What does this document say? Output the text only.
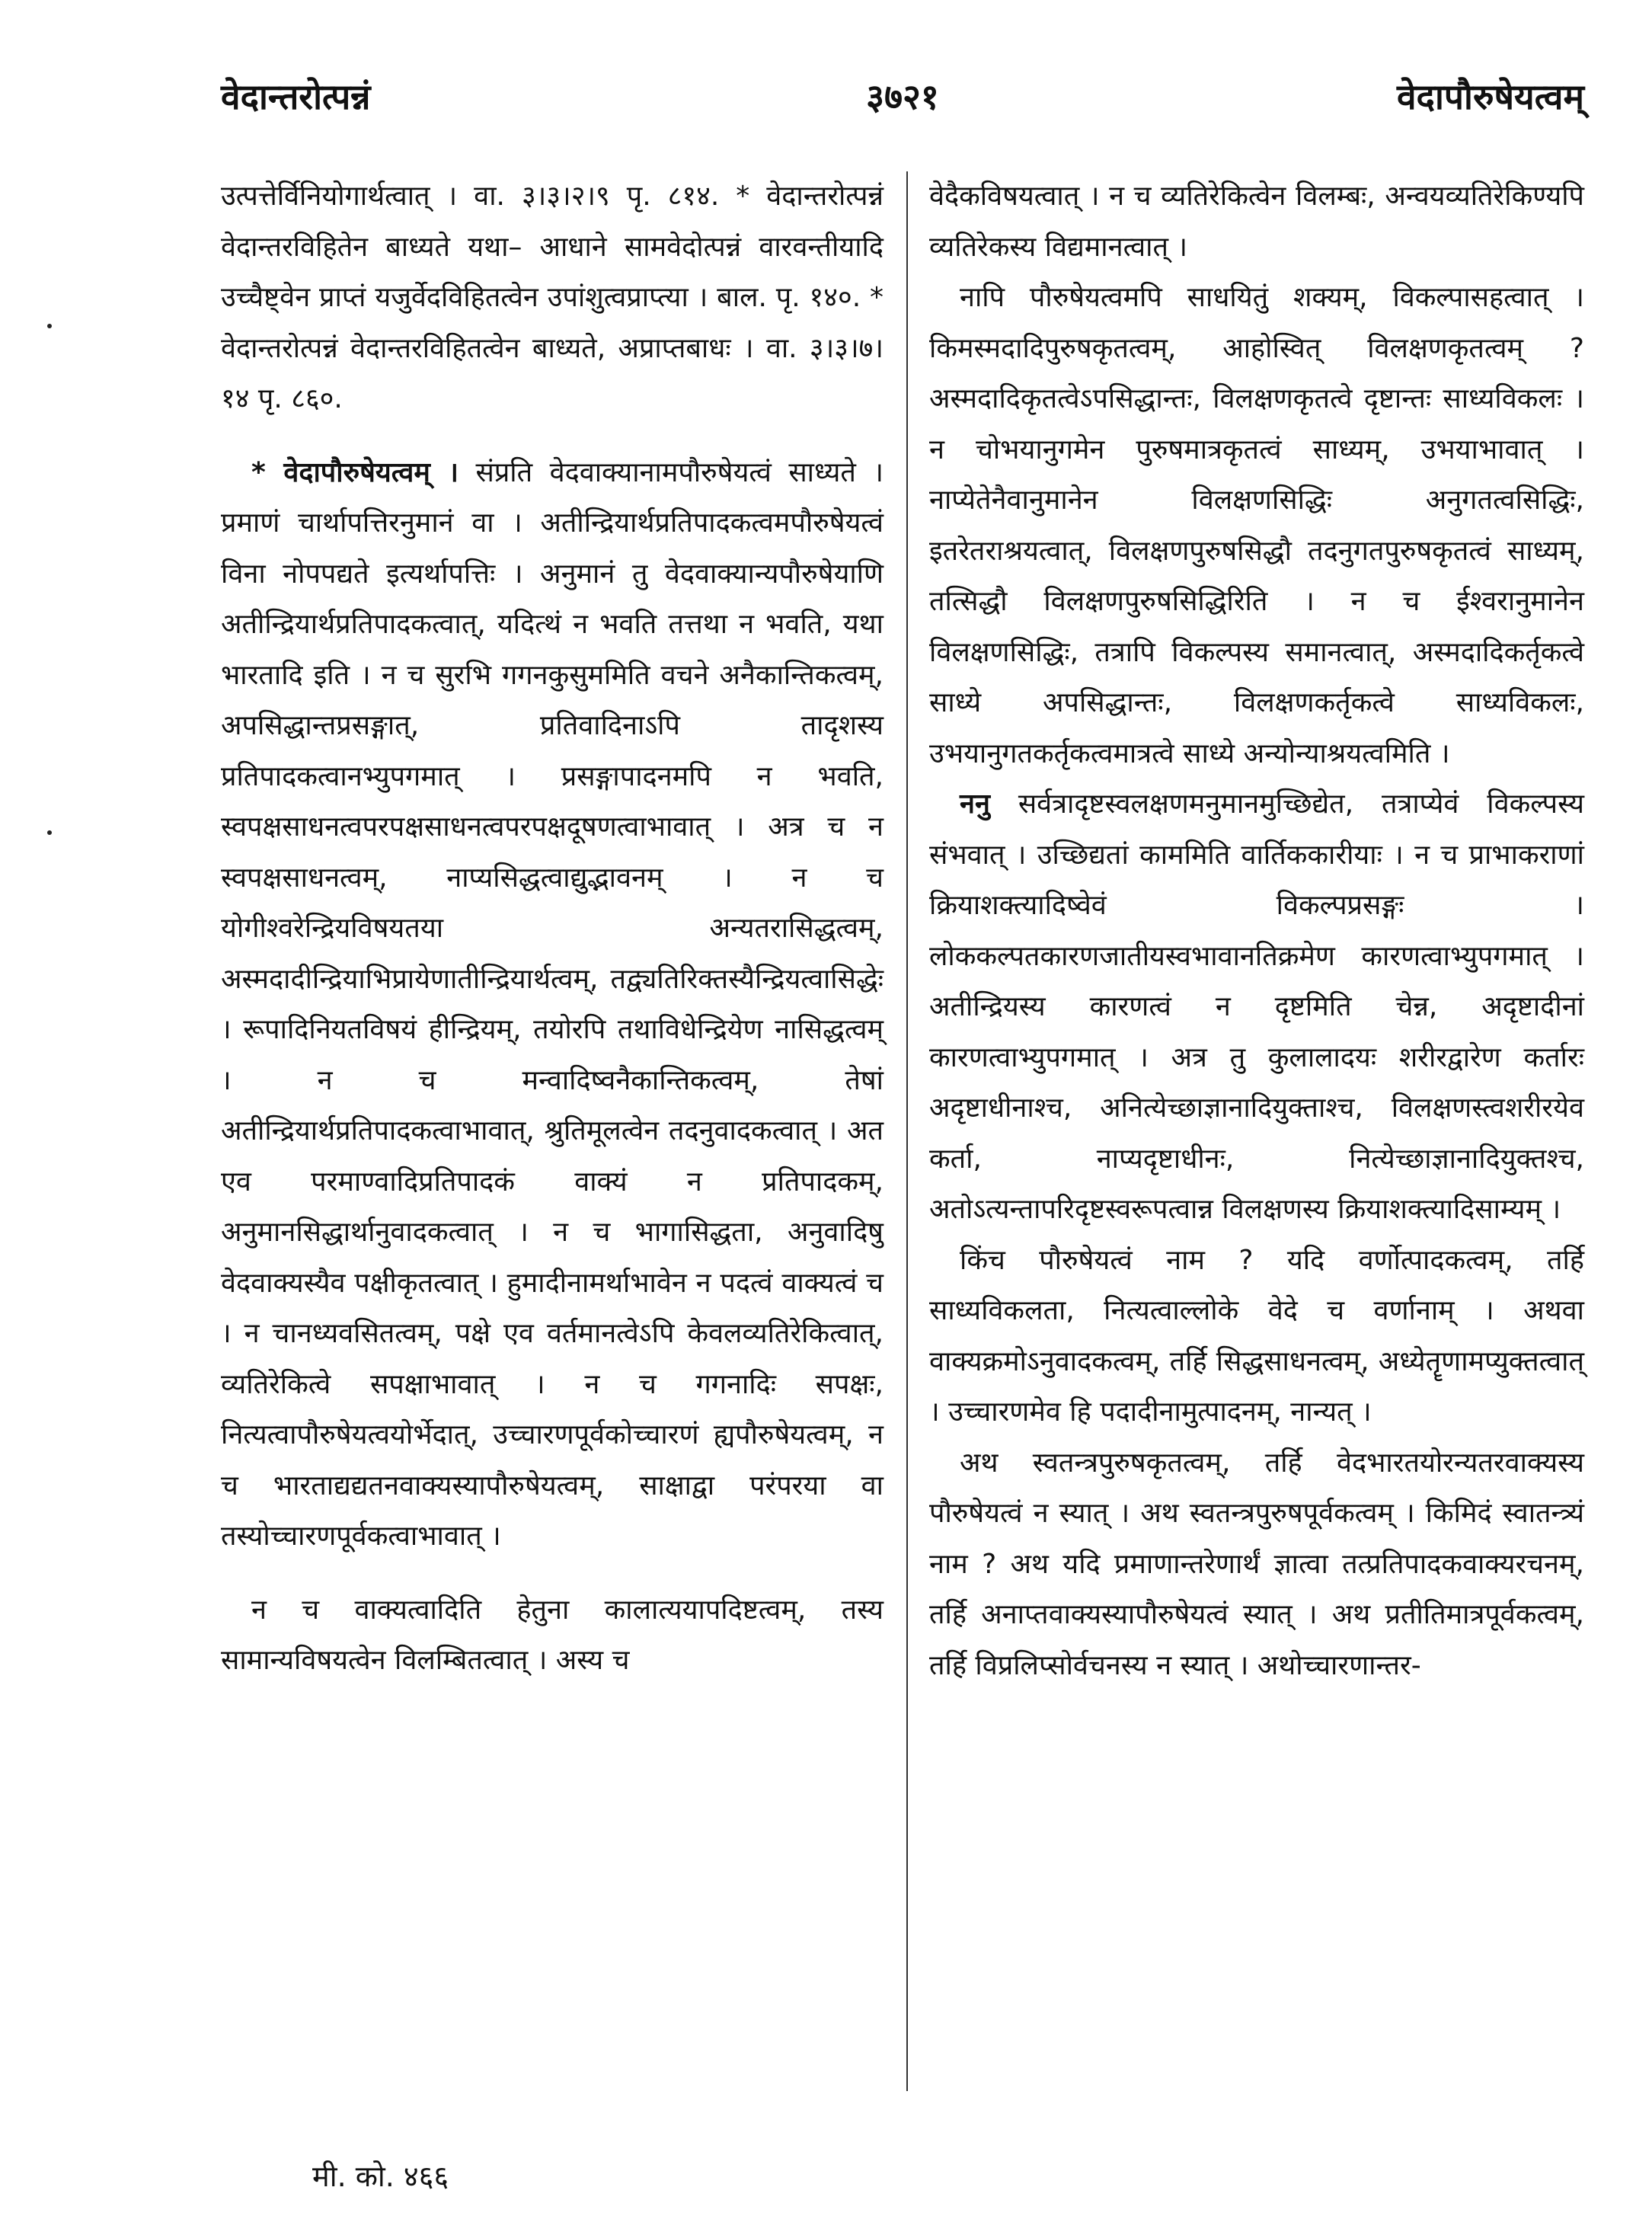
वेदान्तरोत्पन्नं	३७२१	वेदापौरुषेयत्वम्

उत्पत्तेर्विनियोगार्थत्वात् । वा. ३।३।२।९ पृ. ८१४. * वेदान्तरोत्पन्नं वेदान्तरविहितेन बाध्यते यथा– आधाने सामवेदोत्पन्नं वारवन्तीयादि उच्चैष्ट्वेन प्राप्तं यजुर्वेदविहितत्वेन उपांशुत्वप्राप्त्या । बाल. पृ. १४०. * वेदान्तरोत्पन्नं वेदान्तरविहितत्वेन बाध्यते, अप्राप्तबाधः । वा. ३।३।७।१४ पृ. ८६०.

* वेदापौरुषेयत्वम् । संप्रति वेदवाक्यानामपौरुषेयत्वं साध्यते । प्रमाणं चार्थापत्तिरनुमानं वा । अतीन्द्रियार्थप्रतिपादकत्वमपौरुषेयत्वं विना नोपपद्यते इत्यर्थापत्तिः । अनुमानं तु वेदवाक्यान्यपौरुषेयाणि अतीन्द्रियार्थप्रतिपादकत्वात्, यदित्थं न भवति तत्तथा न भवति, यथा भारतादि इति । न च सुरभि गगनकुसुममिति वचने अनैकान्तिकत्वम्, अपसिद्धान्तप्रसङ्गात्, प्रतिवादिनाऽपि तादृशस्य प्रतिपादकत्वानभ्युपगमात् । प्रसङ्गापादनमपि न भवति, स्वपक्षसाधनत्वपरपक्षसाधनत्वपरपक्षदूषणत्वाभावात् । अत्र च न स्वपक्षसाधनत्वम्, नाप्यसिद्धत्वाद्युद्भावनम् । न च योगीश्वरेन्द्रियविषयतया अन्यतरासिद्धत्वम्, अस्मदादीन्द्रियाभिप्रायेणातीन्द्रियार्थत्वम्, तद्व्यतिरिक्तस्यैन्द्रियत्वासिद्धेः । रूपादिनियतविषयं हीन्द्रियम्, तयोरपि तथाविधेन्द्रियेण नासिद्धत्वम् । न च मन्वादिष्वनैकान्तिकत्वम्, तेषां अतीन्द्रियार्थप्रतिपादकत्वाभावात्, श्रुतिमूलत्वेन तदनुवादकत्वात् । अत एव परमाण्वादिप्रतिपादकं वाक्यं न प्रतिपादकम्, अनुमानसिद्धार्थानुवादकत्वात् । न च भागासिद्धता, अनुवादिषु वेदवाक्यस्यैव पक्षीकृतत्वात् । हुमादीनामर्थाभावेन न पदत्वं वाक्यत्वं च । न चानध्यवसितत्वम्, पक्षे एव वर्तमानत्वेऽपि केवलव्यतिरेकित्वात्, व्यतिरेकित्वे सपक्षाभावात् । न च गगनादिः सपक्षः, नित्यत्वापौरुषेयत्वयोर्भेदात्, उच्चारणपूर्वकोच्चारणं ह्यपौरुषेयत्वम्, न च भारताद्यद्यतनवाक्यस्यापौरुषेयत्वम्, साक्षाद्वा परंपरया वा तस्योच्चारणपूर्वकत्वाभावात् ।

न च वाक्यत्वादिति हेतुना कालात्ययापदिष्टत्वम्, तस्य सामान्यविषयत्वेन विलम्बितत्वात् । अस्य च

वेदैकविषयत्वात् । न च व्यतिरेकित्वेन विलम्बः, अन्वयव्यतिरेकिण्यपि व्यतिरेकस्य विद्यमानत्वात् ।

नापि पौरुषेयत्वमपि साधयितुं शक्यम्, विकल्पासहत्वात् । किमस्मदादिपुरुषकृतत्वम्, आहोस्वित् विलक्षणकृतत्वम् ? अस्मदादिकृतत्वेऽपसिद्धान्तः, विलक्षणकृतत्वे दृष्टान्तः साध्यविकलः । न चोभयानुगमेन पुरुषमात्रकृतत्वं साध्यम्, उभयाभावात् । नाप्येतेनैवानुमानेन विलक्षणसिद्धिः अनुगतत्वसिद्धिः, इतरेतराश्रयत्वात्, विलक्षणपुरुषसिद्धौ तदनुगतपुरुषकृतत्वं साध्यम्, तत्सिद्धौ विलक्षणपुरुषसिद्धिरिति । न च ईश्वरानुमानेन विलक्षणसिद्धिः, तत्रापि विकल्पस्य समानत्वात्, अस्मदादिकर्तृकत्वे साध्ये अपसिद्धान्तः, विलक्षणकर्तृकत्वे साध्यविकलः, उभयानुगतकर्तृकत्वमात्रत्वे साध्ये अन्योन्याश्रयत्वमिति ।

ननु सर्वत्रादृष्टस्वलक्षणमनुमानमुच्छिद्येत, तत्राप्येवं विकल्पस्य संभवात् । उच्छिद्यतां काममिति वार्तिककारीयाः । न च प्राभाकराणां क्रियाशक्त्यादिष्वेवं विकल्पप्रसङ्गः । लोककल्पतकारणजातीयस्वभावानतिक्रमेण कारणत्वाभ्युपगमात् । अतीन्द्रियस्य कारणत्वं न दृष्टमिति चेन्न, अदृष्टादीनां कारणत्वाभ्युपगमात् । अत्र तु कुलालादयः शरीरद्वारेण कर्तारः अदृष्टाधीनाश्च, अनित्येच्छाज्ञानादियुक्ताश्च, विलक्षणस्त्वशरीरयेव कर्ता, नाप्यदृष्टाधीनः, नित्येच्छाज्ञानादियुक्तश्च, अतोऽत्यन्तापरिदृष्टस्वरूपत्वान्न विलक्षणस्य क्रियाशक्त्यादिसाम्यम् ।

किंच पौरुषेयत्वं नाम ? यदि वर्णोत्पादकत्वम्, तर्हि साध्यविकलता, नित्यत्वाल्लोके वेदे च वर्णानाम् । अथवा वाक्यक्रमोऽनुवादकत्वम्, तर्हि सिद्धसाधनत्वम्, अध्येतॄणामप्युक्तत्वात् । उच्चारणमेव हि पदादीनामुत्पादनम्, नान्यत् ।

अथ स्वतन्त्रपुरुषकृतत्वम्, तर्हि वेदभारतयोरन्यतरवाक्यस्य पौरुषेयत्वं न स्यात् । अथ स्वतन्त्रपुरुषपूर्वकत्वम् । किमिदं स्वातन्त्र्यं नाम ? अथ यदि प्रमाणान्तरेणार्थं ज्ञात्वा तत्प्रतिपादकवाक्यरचनम्, तर्हि अनाप्तवाक्यस्यापौरुषेयत्वं स्यात् । अथ प्रतीतिमात्रपूर्वकत्वम्, तर्हि विप्रलिप्सोर्वचनस्य न स्यात् । अथोच्चारणान्तर-

मी. को. ४६६
